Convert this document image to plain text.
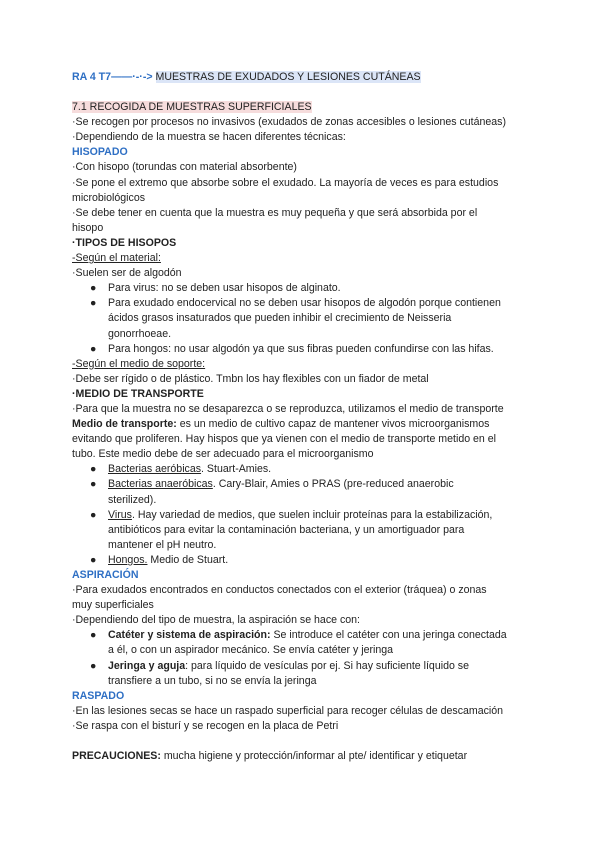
RA 4 T7——·-·-> MUESTRAS DE EXUDADOS Y LESIONES CUTÁNEAS
7.1 RECOGIDA DE MUESTRAS SUPERFICIALES
·Se recogen por procesos no invasivos (exudados de zonas accesibles o lesiones cutáneas)
·Dependiendo de la muestra se hacen diferentes técnicas:
HISOPADO
·Con hisopo (torundas con material absorbente)
·Se pone el extremo que absorbe sobre el exudado. La mayoría de veces es para estudios
microbiológicos
·Se debe tener en cuenta que la muestra es muy pequeña y que será absorbida por el
hisopo
·TIPOS DE HISOPOS
-Según el material:
·Suelen ser de algodón
● Para virus: no se deben usar hisopos de alginato.
● Para exudado endocervical no se deben usar hisopos de algodón porque contienen
ácidos grasos insaturados que pueden inhibir el crecimiento de Neisseria
gonorrhoeae.
● Para hongos: no usar algodón ya que sus fibras pueden confundirse con las hifas.
-Según el medio de soporte:
·Debe ser rígido o de plástico. Tmbn los hay flexibles con un fiador de metal
·MEDIO DE TRANSPORTE
·Para que la muestra no se desaparezca o se reproduzca, utilizamos el medio de transporte
Medio de transporte: es un medio de cultivo capaz de mantener vivos microorganismos
evitando que proliferen. Hay hispos que ya vienen con el medio de transporte metido en el
tubo. Este medio debe de ser adecuado para el microorganismo
● Bacterias aeróbicas. Stuart-Amies.
● Bacterias anaeróbicas. Cary-Blair, Amies o PRAS (pre-reduced anaerobic
sterilized).
● Virus. Hay variedad de medios, que suelen incluir proteínas para la estabilización,
antibióticos para evitar la contaminación bacteriana, y un amortiguador para
mantener el pH neutro.
● Hongos. Medio de Stuart.
ASPIRACIÓN
·Para exudados encontrados en conductos conectados con el exterior (tráquea) o zonas
muy superficiales
·Dependiendo del tipo de muestra, la aspiración se hace con:
● Catéter y sistema de aspiración: Se introduce el catéter con una jeringa conectada
a él, o con un aspirador mecánico. Se envía catéter y jeringa
● Jeringa y aguja: para líquido de vesículas por ej. Si hay suficiente líquido se
transfiere a un tubo, si no se envía la jeringa
RASPADO
·En las lesiones secas se hace un raspado superficial para recoger células de descamación
·Se raspa con el bisturí y se recogen en la placa de Petri
PRECAUCIONES: mucha higiene y protección/informar al pte/ identificar y etiquetar
